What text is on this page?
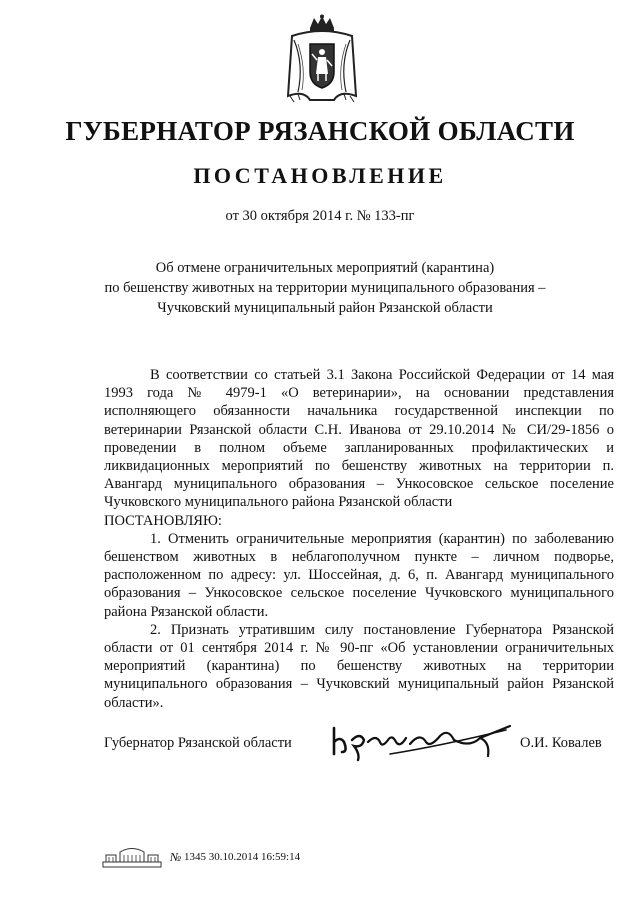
ГУБЕРНАТОР РЯЗАНСКОЙ ОБЛАСТИ
ПОСТАНОВЛЕНИЕ
от 30 октября 2014 г. № 133-пг
Об отмене ограничительных мероприятий (карантина)
по бешенству животных на территории муниципального образования –
Чучковский муниципальный район Рязанской области

В соответствии со статьей 3.1 Закона Российской Федерации от 14 мая 1993 года № 4979-1 «О ветеринарии», на основании представления исполняющего обязанности начальника государственной инспекции по ветеринарии Рязанской области С.Н. Иванова от 29.10.2014 № СИ/29-1856 о проведении в полном объеме запланированных профилактических и ликвидационных мероприятий по бешенству животных на территории п. Авангард муниципального образования – Ункосовское сельское поселение Чучковского муниципального района Рязанской области

ПОСТАНОВЛЯЮ:

1. Отменить ограничительные мероприятия (карантин) по заболеванию бешенством животных в неблагополучном пункте – личном подворье, расположенном по адресу: ул. Шоссейная, д. 6, п. Авангард муниципального образования – Ункосовское сельское поселение Чучковского муниципального района Рязанской области.

2. Признать утратившим силу постановление Губернатора Рязанской области от 01 сентября 2014 г. № 90-пг «Об установлении ограничительных мероприятий (карантина) по бешенству животных на территории муниципального образования – Чучковский муниципальный район Рязанской области».

Губернатор Рязанской области	О.И. Ковалев
№ 1345 30.10.2014 16:59:14
